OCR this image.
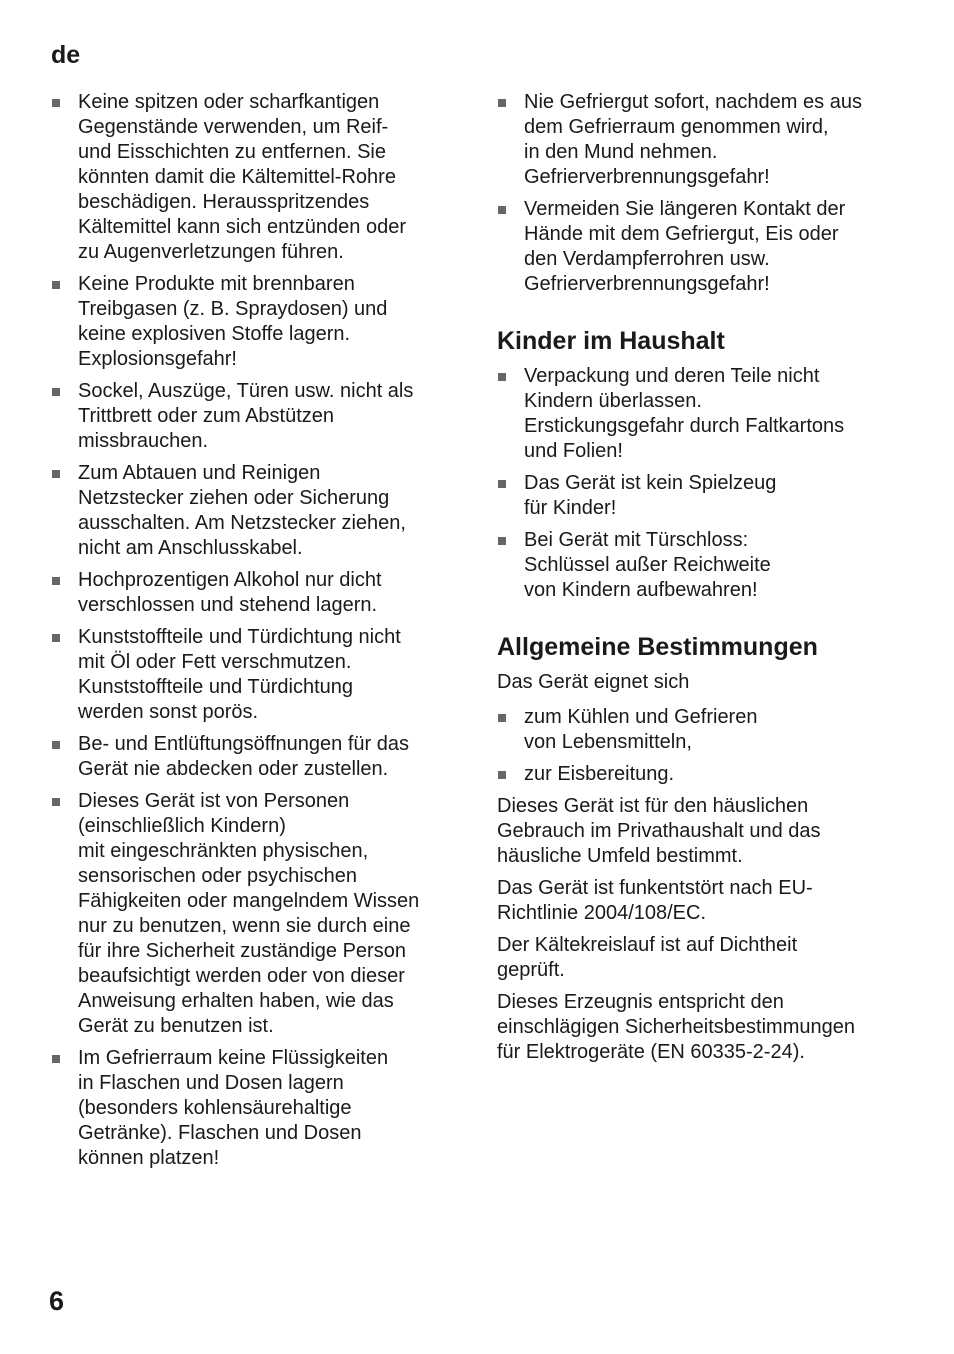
de
Keine spitzen oder scharfkantigen
Gegenstände verwenden, um Reif-
und Eisschichten zu entfernen. Sie
könnten damit die Kältemittel-Rohre
beschädigen. Herausspritzendes
Kältemittel kann sich entzünden oder
zu Augenverletzungen führen.
Keine Produkte mit brennbaren
Treibgasen (z. B. Spraydosen) und
keine explosiven Stoffe lagern.
Explosionsgefahr!
Sockel, Auszüge, Türen usw. nicht als
Trittbrett oder zum Abstützen
missbrauchen.
Zum Abtauen und Reinigen
Netzstecker ziehen oder Sicherung
ausschalten. Am Netzstecker ziehen,
nicht am Anschlusskabel.
Hochprozentigen Alkohol nur dicht
verschlossen und stehend lagern.
Kunststoffteile und Türdichtung nicht
mit Öl oder Fett verschmutzen.
Kunststoffteile und Türdichtung
werden sonst porös.
Be- und Entlüftungsöffnungen für das
Gerät nie abdecken oder zustellen.
Dieses Gerät ist von Personen
(einschließlich Kindern)
mit eingeschränkten physischen,
sensorischen oder psychischen
Fähigkeiten oder mangelndem Wissen
nur zu benutzen, wenn sie durch eine
für ihre Sicherheit zuständige Person
beaufsichtigt werden oder von dieser
Anweisung erhalten haben, wie das
Gerät zu benutzen ist.
Im Gefrierraum keine Flüssigkeiten
in Flaschen und Dosen lagern
(besonders kohlensäurehaltige
Getränke). Flaschen und Dosen
können platzen!
Nie Gefriergut sofort, nachdem es aus
dem Gefrierraum genommen wird,
in den Mund nehmen.
Gefrierverbrennungsgefahr!
Vermeiden Sie längeren Kontakt der
Hände mit dem Gefriergut, Eis oder
den Verdampferrohren usw.
Gefrierverbrennungsgefahr!
Kinder im Haushalt
Verpackung und deren Teile nicht
Kindern überlassen.
Erstickungsgefahr durch Faltkartons
und Folien!
Das Gerät ist kein Spielzeug
für Kinder!
Bei Gerät mit Türschloss:
Schlüssel außer Reichweite
von Kindern aufbewahren!
Allgemeine Bestimmungen

Das Gerät eignet sich

zum Kühlen und Gefrieren
von Lebensmitteln,
zur Eisbereitung.

Dieses Gerät ist für den häuslichen
Gebrauch im Privathaushalt und das
häusliche Umfeld bestimmt.

Das Gerät ist funkentstört nach EU-
Richtlinie 2004/108/EC.

Der Kältekreislauf ist auf Dichtheit
geprüft.

Dieses Erzeugnis entspricht den
einschlägigen Sicherheitsbestimmungen
für Elektrogeräte (EN 60335-2-24).

6
